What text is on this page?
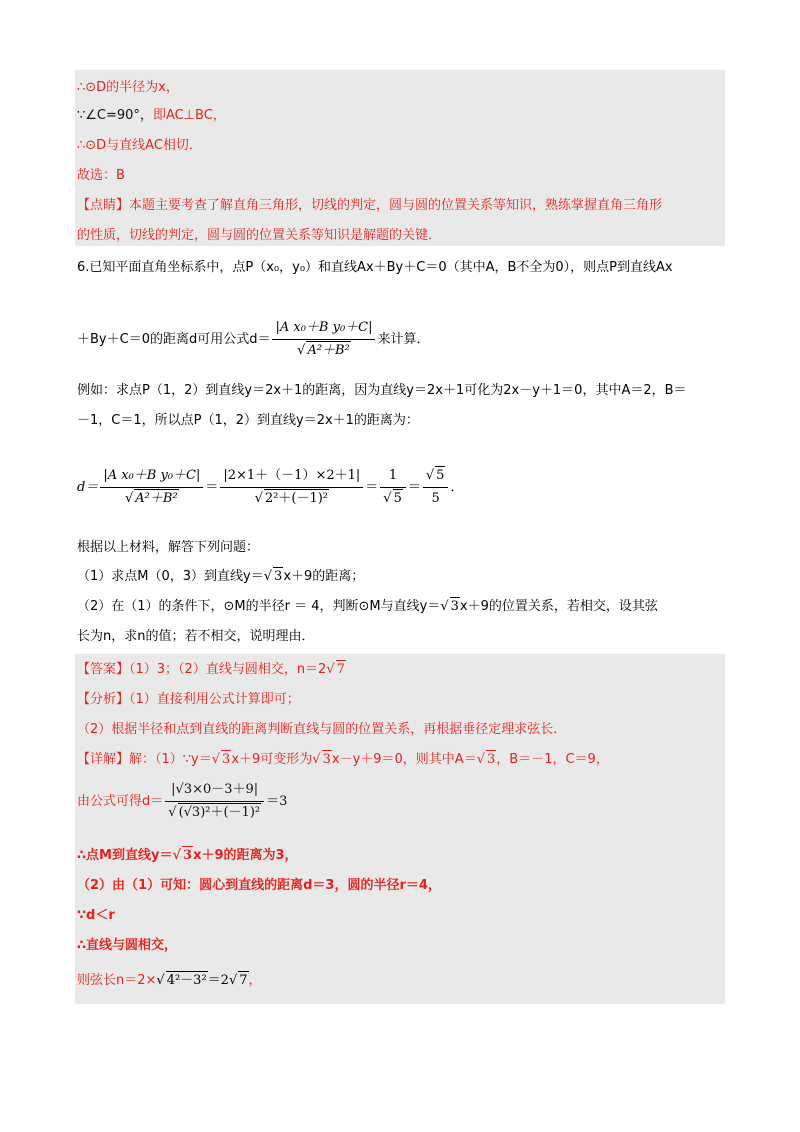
∴⊙D的半径为x，
∵∠C=90°，即AC⊥BC，
∴⊙D与直线AC相切．
故选：B
【点睛】本题主要考查了解直角三角形，切线的判定，圆与圆的位置关系等知识，熟练掌握直角三角形
的性质，切线的判定，圆与圆的位置关系等知识是解题的关键．
6.已知平面直角坐标系中，点P（x₀，y₀）和直线Ax＋By＋C＝0（其中A，B不全为0），则点P到直线Ax
＋By＋C＝0的距离d可用公式$d= \frac{\text{|A x₀＋B y₀＋C|}}{\text{√ A²＋B²}}$ 来计算．
例如：求点P（1，2）到直线y＝2x＋1的距离，因为直线y＝2x＋1可化为2x－y＋1＝0，其中A＝2，B＝
－1，C＝1，所以点P（1，2）到直线y＝2x＋1的距离为：
$d= \frac{\text{|A x₀＋B y₀＋C|}}{\text{√ A²＋B²}} = \frac{|2\times 1+(-1)\times 2+1|}{\text{√ 2²＋(－1)²}} = \frac{1}{√ 5} = \frac{√ 5}{5}$ ．
根据以上材料，解答下列问题：
（1）求点M（0，3）到直线y＝√ 3x＋9的距离；
（2）在（1）的条件下，⊙M的半径r ＝ 4，判断⊙M与直线y＝√ 3x＋9的位置关系，若相交，设其弦
长为n，求n的值；若不相交，说明理由．
【答案】（1）3；（2）直线与圆相交，n＝2√ 7
【分析】（1）直接利用公式计算即可；
（2）根据半径和点到直线的距离判断直线与圆的位置关系，再根据垂径定理求弦长．
【详解】解：（1）∵y＝√ 3x＋9可变形为√ 3x－y＋9＝0，则其中A＝√ 3，B＝－1，C＝9，
由公式可得$d= \frac{|√3\times 0-3+9|}{\text{√ (√3)²＋(－1)²}} =3$
∴点M到直线y＝√ 3x＋9的距离为3，
（2）由（1）可知：圆心到直线的距离d＝3，圆的半径r＝4，
∵d＜r
∴直线与圆相交，
则弦长n＝2×√ 4²－3²＝2√ 7，
